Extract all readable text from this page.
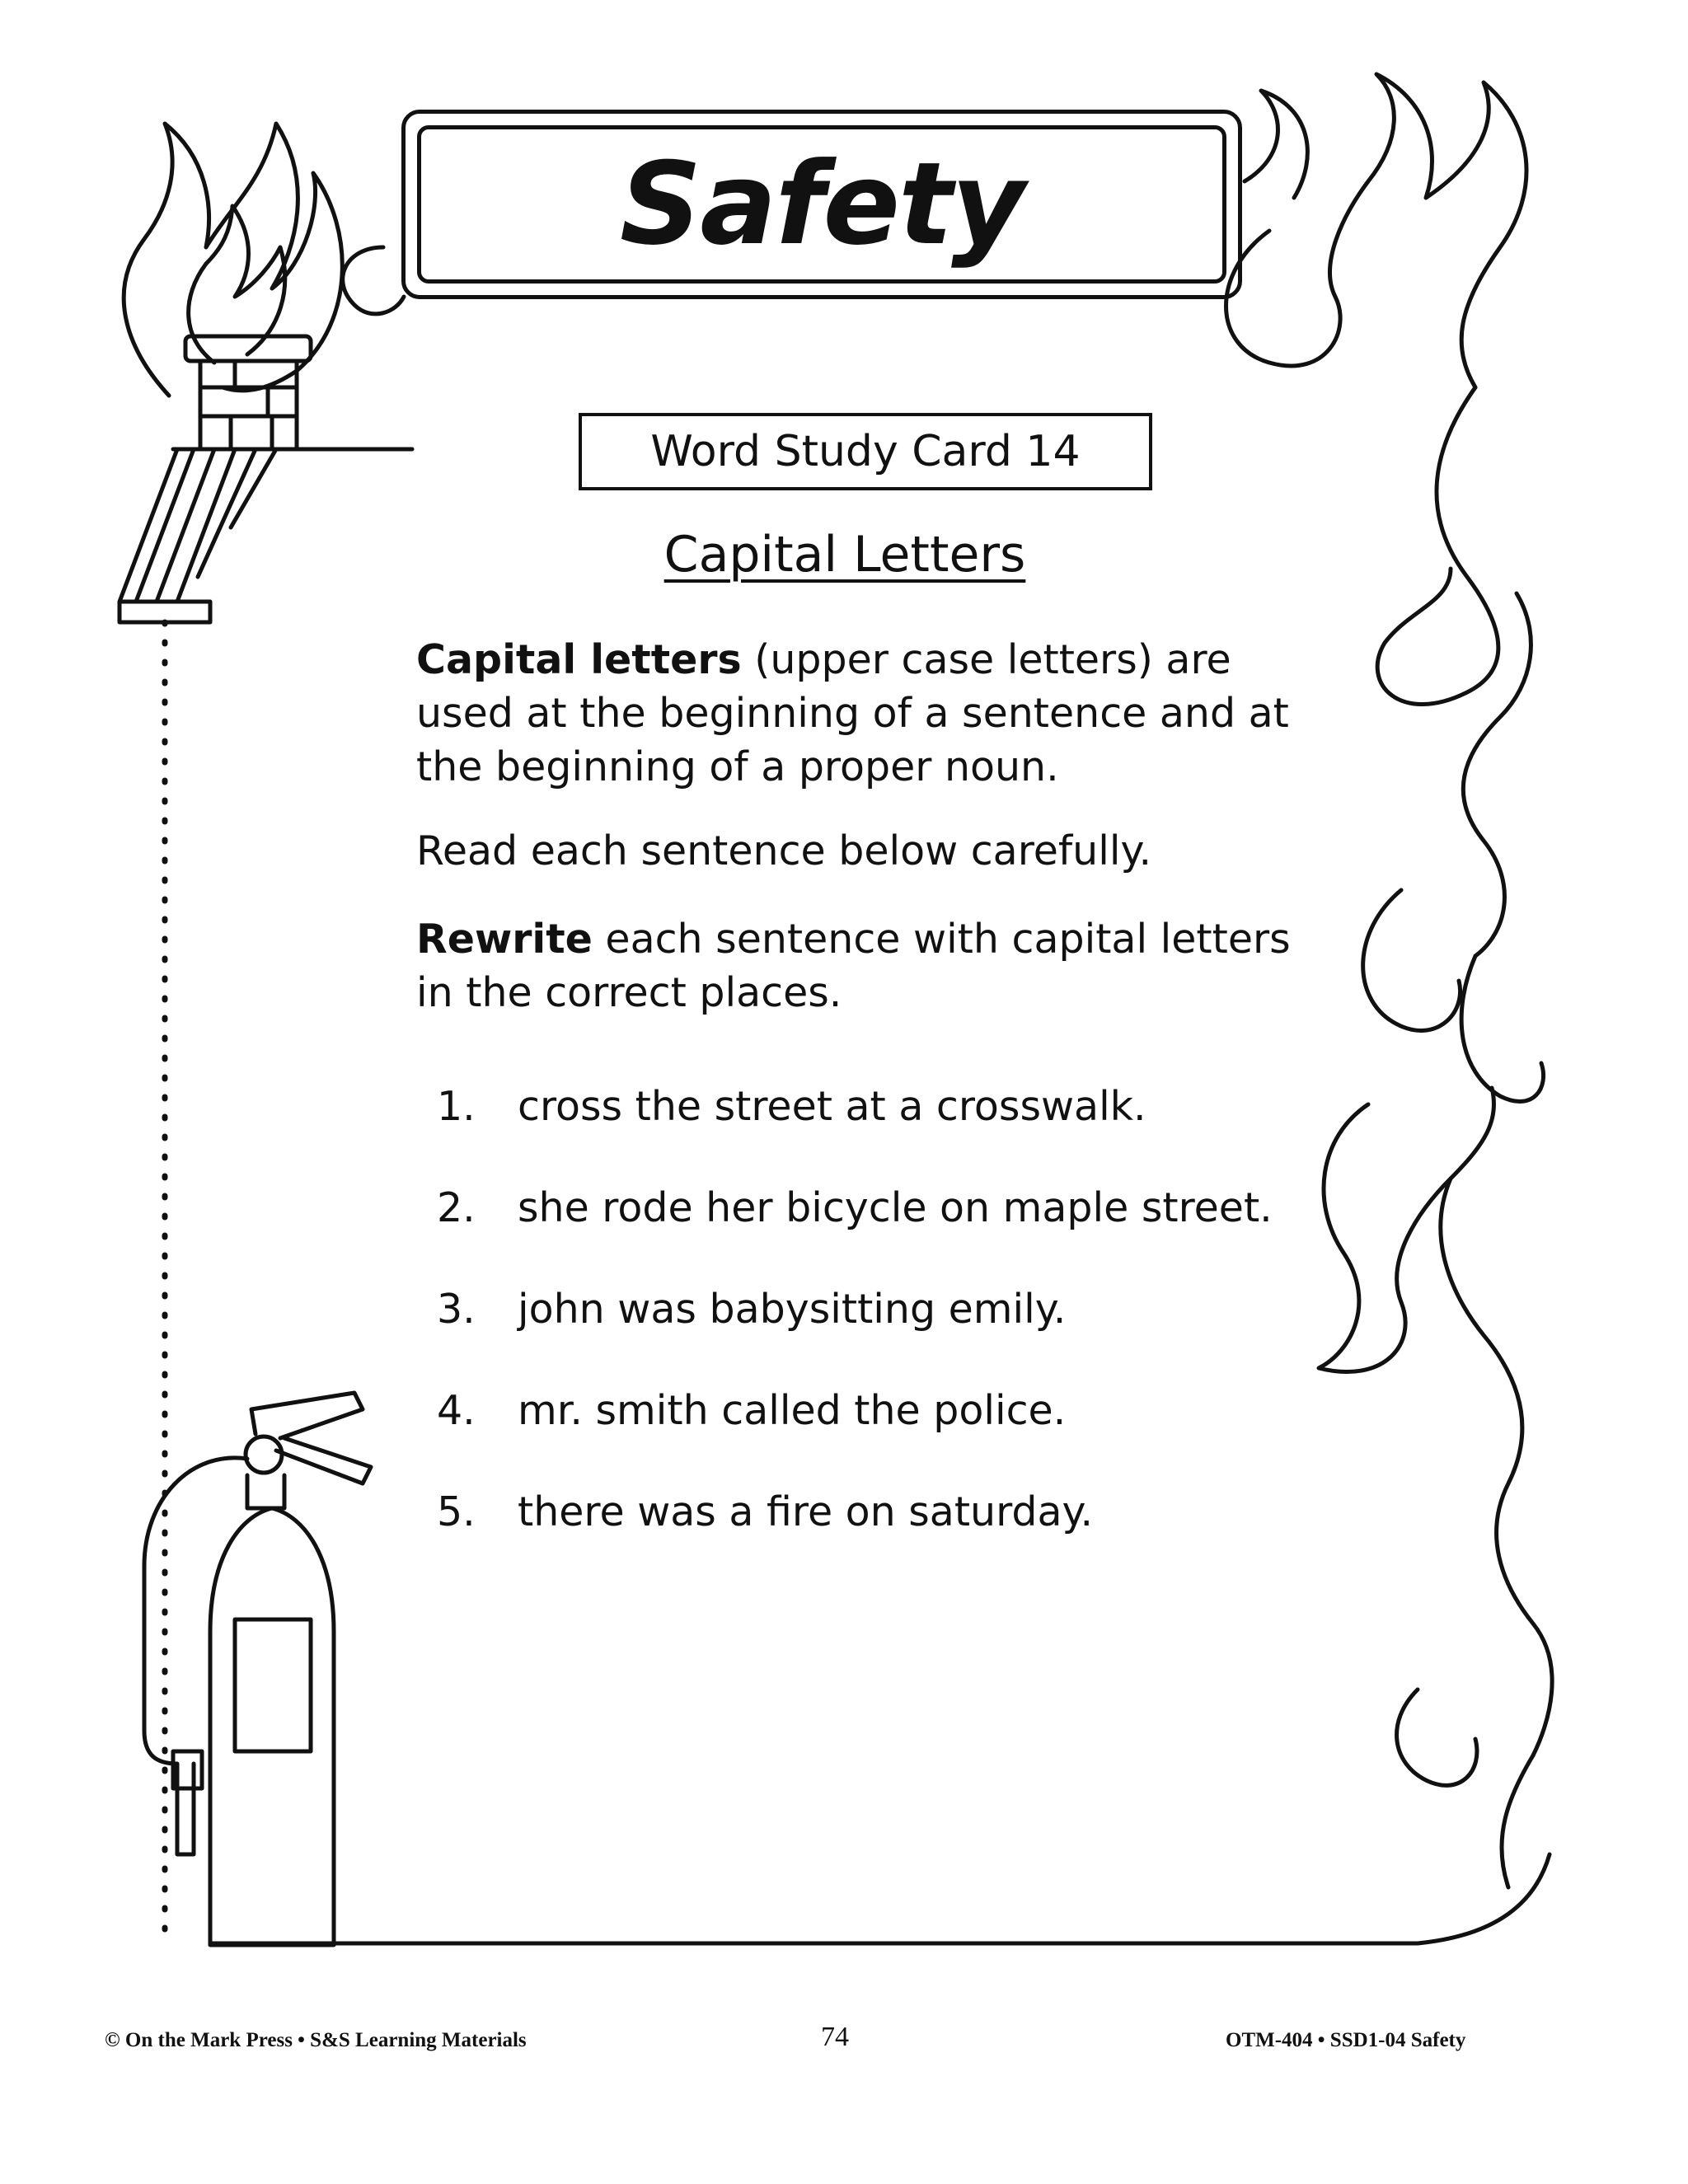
Safety
Word Study Card 14
Capital Letters
Capital letters (upper case letters) are used at the beginning of a sentence and at the beginning of a proper noun.
Read each sentence below carefully.
Rewrite each sentence with capital letters in the correct places.
1.	cross the street at a crosswalk.
2.	she rode her bicycle on maple street.
3.	john was babysitting emily.
4.	mr. smith called the police.
5.	there was a fire on saturday.
© On the Mark Press • S&S Learning Materials	74	OTM-404 • SSD1-04 Safety
